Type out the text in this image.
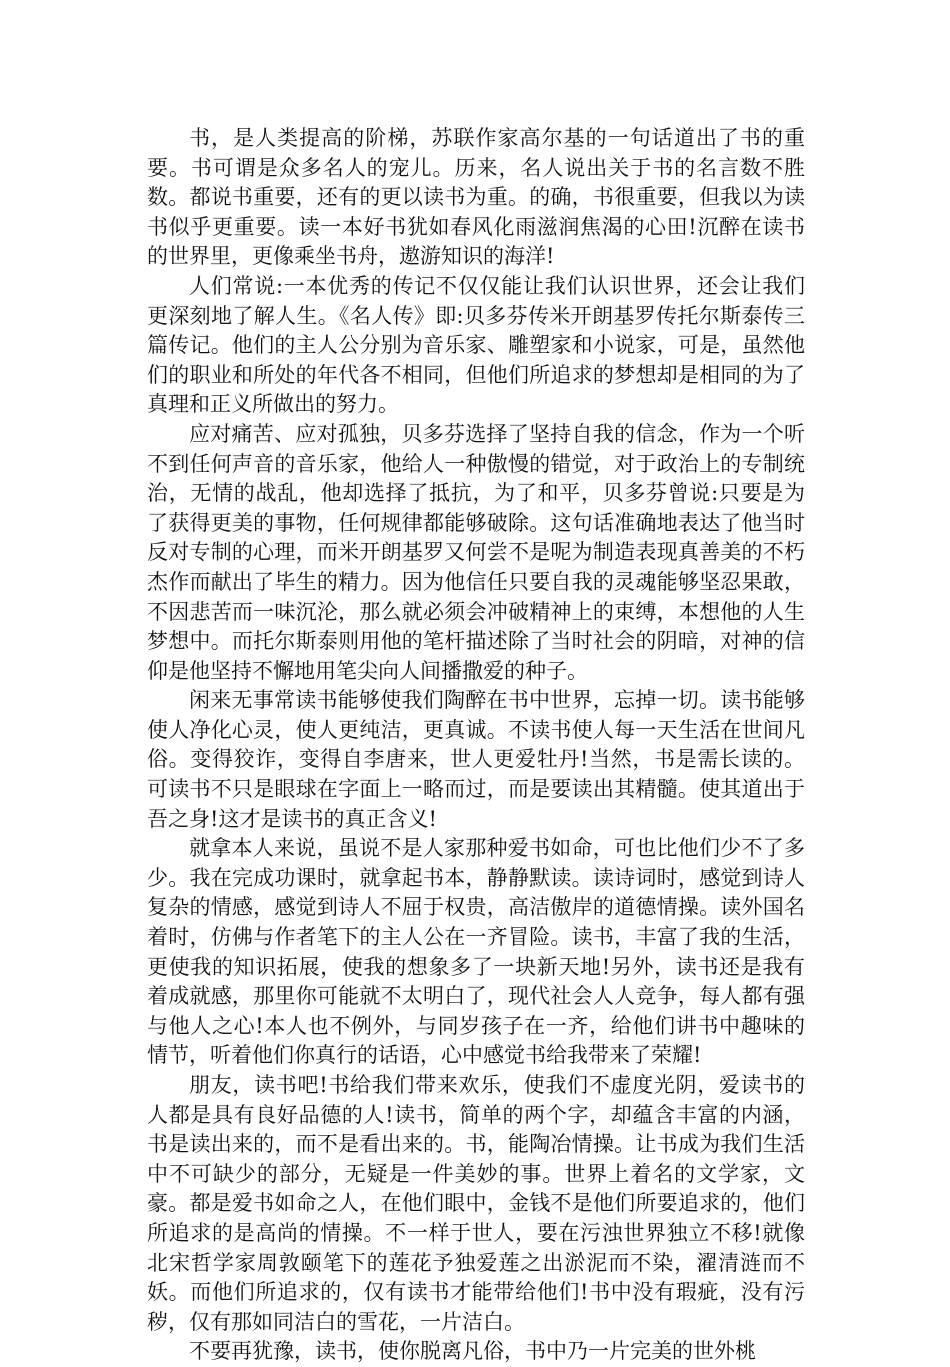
书，是人类提高的阶梯，苏联作家高尔基的一句话道出了书的重要。书可谓是众多名人的宠儿。历来，名人说出关于书的名言数不胜数。都说书重要，还有的更以读书为重。的确，书很重要，但我以为读书似乎更重要。读一本好书犹如春风化雨滋润焦渴的心田!沉醉在读书的世界里，更像乘坐书舟，遨游知识的海洋!

人们常说:一本优秀的传记不仅仅能让我们认识世界，还会让我们更深刻地了解人生。《名人传》即:贝多芬传米开朗基罗传托尔斯泰传三篇传记。他们的主人公分别为音乐家、雕塑家和小说家，可是，虽然他们的职业和所处的年代各不相同，但他们所追求的梦想却是相同的为了真理和正义所做出的努力。

应对痛苦、应对孤独，贝多芬选择了坚持自我的信念，作为一个听不到任何声音的音乐家，他给人一种傲慢的错觉，对于政治上的专制统治，无情的战乱，他却选择了抵抗，为了和平，贝多芬曾说:只要是为了获得更美的事物，任何规律都能够破除。这句话准确地表达了他当时反对专制的心理，而米开朗基罗又何尝不是呢为制造表现真善美的不朽杰作而献出了毕生的精力。因为他信任只要自我的灵魂能够坚忍果敢，不因悲苦而一味沉沦，那么就必须会冲破精神上的束缚，本想他的人生梦想中。而托尔斯泰则用他的笔杆描述除了当时社会的阴暗，对神的信仰是他坚持不懈地用笔尖向人间播撒爱的种子。

闲来无事常读书能够使我们陶醉在书中世界，忘掉一切。读书能够使人净化心灵，使人更纯洁，更真诚。不读书使人每一天生活在世间凡俗。变得狡诈，变得自李唐来，世人更爱牡丹!当然，书是需长读的。可读书不只是眼球在字面上一略而过，而是要读出其精髓。使其道出于吾之身!这才是读书的真正含义!

就拿本人来说，虽说不是人家那种爱书如命，可也比他们少不了多少。我在完成功课时，就拿起书本，静静默读。读诗词时，感觉到诗人复杂的情感，感觉到诗人不屈于权贵，高洁傲岸的道德情操。读外国名着时，仿佛与作者笔下的主人公在一齐冒险。读书，丰富了我的生活，更使我的知识拓展，使我的想象多了一块新天地!另外，读书还是我有着成就感，那里你可能就不太明白了，现代社会人人竞争，每人都有强与他人之心!本人也不例外，与同岁孩子在一齐，给他们讲书中趣味的情节，听着他们你真行的话语，心中感觉书给我带来了荣耀!

朋友，读书吧!书给我们带来欢乐，使我们不虚度光阴，爱读书的人都是具有良好品德的人!读书，简单的两个字，却蕴含丰富的内涵，书是读出来的，而不是看出来的。书，能陶冶情操。让书成为我们生活中不可缺少的部分，无疑是一件美妙的事。世界上着名的文学家，文豪。都是爱书如命之人，在他们眼中，金钱不是他们所要追求的，他们所追求的是高尚的情操。不一样于世人，要在污浊世界独立不移!就像北宋哲学家周敦颐笔下的莲花予独爱莲之出淤泥而不染，濯清涟而不妖。而他们所追求的，仅有读书才能带给他们!书中没有瑕疵，没有污秽，仅有那如同洁白的雪花，一片洁白。

不要再犹豫，读书，使你脱离凡俗，书中乃一片完美的世外桃
